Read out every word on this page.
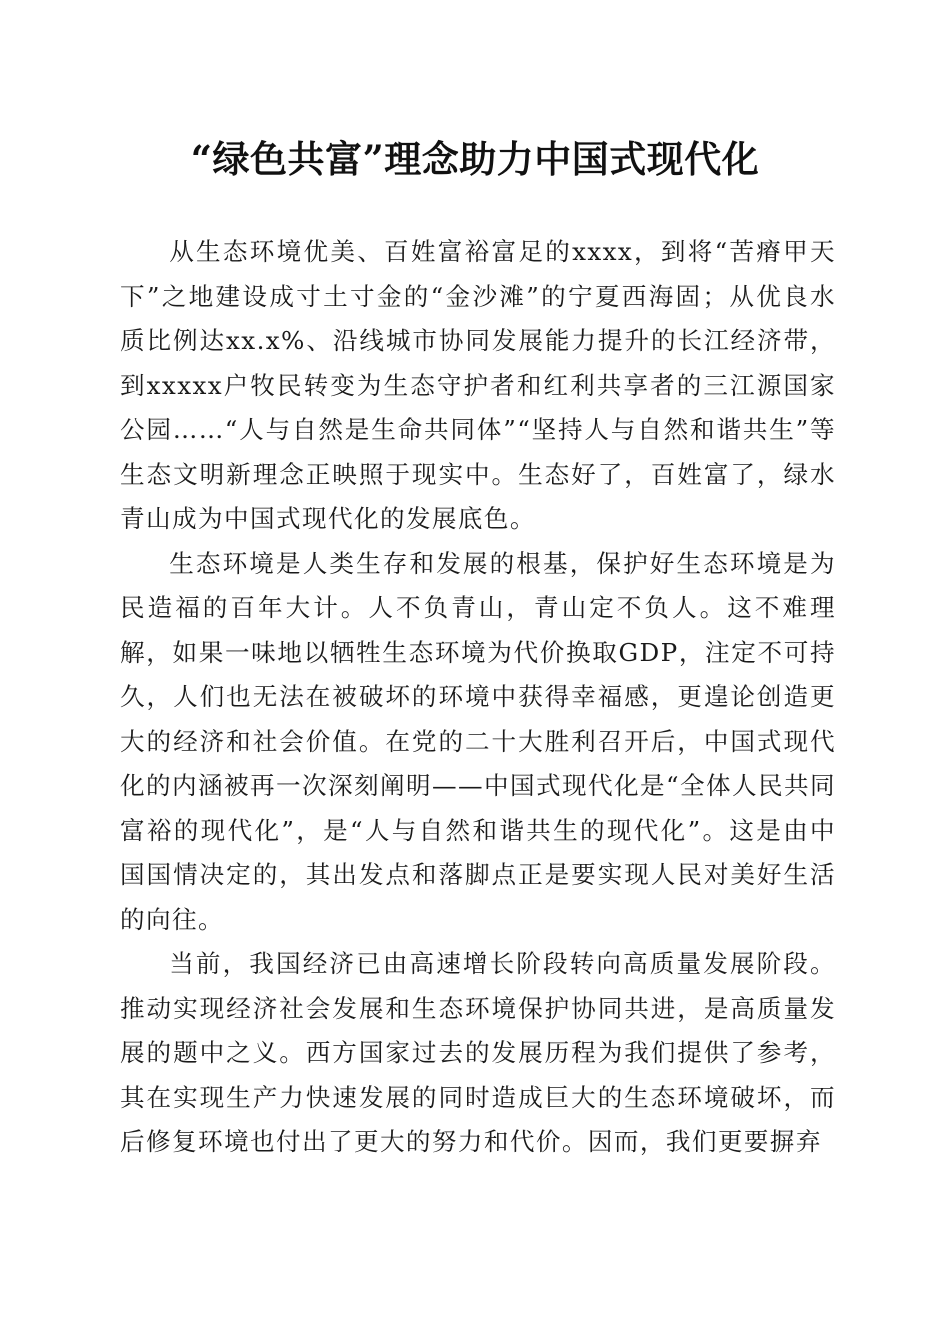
“绿色共富”理念助力中国式现代化

从生态环境优美、百姓富裕富足的xxxx，到将“苦瘠甲天下”之地建设成寸土寸金的“金沙滩”的宁夏西海固；从优良水质比例达xx.x%、沿线城市协同发展能力提升的长江经济带，到xxxxx户牧民转变为生态守护者和红利共享者的三江源国家公园……“人与自然是生命共同体”“坚持人与自然和谐共生”等生态文明新理念正映照于现实中。生态好了，百姓富了，绿水青山成为中国式现代化的发展底色。

生态环境是人类生存和发展的根基，保护好生态环境是为民造福的百年大计。人不负青山，青山定不负人。这不难理解，如果一味地以牺牲生态环境为代价换取GDP，注定不可持久，人们也无法在被破坏的环境中获得幸福感，更遑论创造更大的经济和社会价值。在党的二十大胜利召开后，中国式现代化的内涵被再一次深刻阐明——中国式现代化是“全体人民共同富裕的现代化”，是“人与自然和谐共生的现代化”。这是由中国国情决定的，其出发点和落脚点正是要实现人民对美好生活的向往。

当前，我国经济已由高速增长阶段转向高质量发展阶段。推动实现经济社会发展和生态环境保护协同共进，是高质量发展的题中之义。西方国家过去的发展历程为我们提供了参考，其在实现生产力快速发展的同时造成巨大的生态环境破坏，而后修复环境也付出了更大的努力和代价。因而，我们更要摒弃
